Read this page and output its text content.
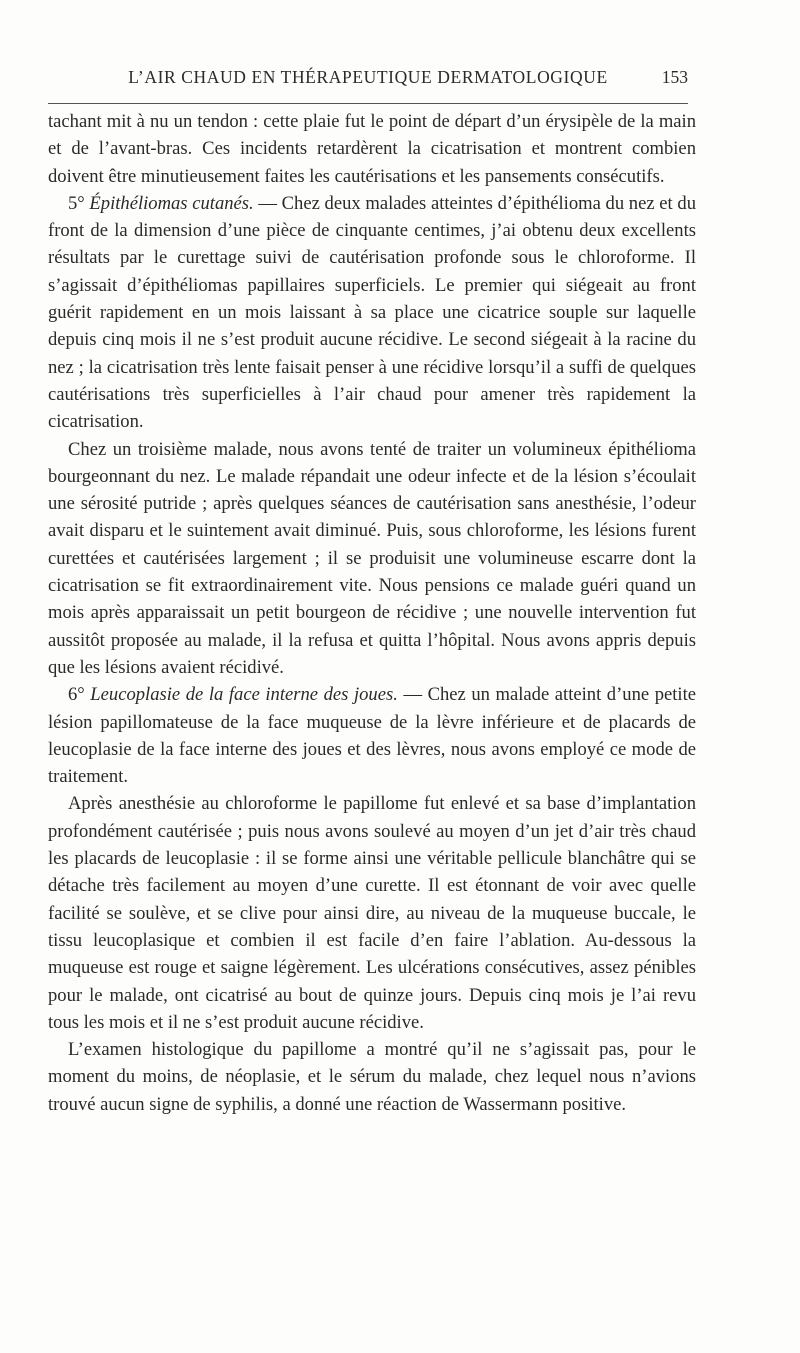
L’AIR CHAUD EN THÉRAPEUTIQUE DERMATOLOGIQUE	153

tachant mit à nu un tendon : cette plaie fut le point de départ d’un érysipèle de la main et de l’avant-bras. Ces incidents retardèrent la cicatrisation et montrent combien doivent être minutieusement faites les cautérisations et les pansements consécutifs.

5° Épithéliomas cutanés. — Chez deux malades atteintes d’épithélioma du nez et du front de la dimension d’une pièce de cinquante centimes, j’ai obtenu deux excellents résultats par le curettage suivi de cautérisation profonde sous le chloroforme. Il s’agissait d’épithéliomas papillaires superficiels. Le premier qui siégeait au front guérit rapidement en un mois laissant à sa place une cicatrice souple sur laquelle depuis cinq mois il ne s’est produit aucune récidive. Le second siégeait à la racine du nez ; la cicatrisation très lente faisait penser à une récidive lorsqu’il a suffi de quelques cautérisations très superficielles à l’air chaud pour amener très rapidement la cicatrisation.

Chez un troisième malade, nous avons tenté de traiter un volumineux épithélioma bourgeonnant du nez. Le malade répandait une odeur infecte et de la lésion s’écoulait une sérosité putride ; après quelques séances de cautérisation sans anesthésie, l’odeur avait disparu et le suintement avait diminué. Puis, sous chloroforme, les lésions furent curettées et cautérisées largement ; il se produisit une volumineuse escarre dont la cicatrisation se fit extraordinairement vite. Nous pensions ce malade guéri quand un mois après apparaissait un petit bourgeon de récidive ; une nouvelle intervention fut aussitôt proposée au malade, il la refusa et quitta l’hôpital. Nous avons appris depuis que les lésions avaient récidivé.

6° Leucoplasie de la face interne des joues. — Chez un malade atteint d’une petite lésion papillomateuse de la face muqueuse de la lèvre inférieure et de placards de leucoplasie de la face interne des joues et des lèvres, nous avons employé ce mode de traitement.

Après anesthésie au chloroforme le papillome fut enlevé et sa base d’implantation profondément cautérisée ; puis nous avons soulevé au moyen d’un jet d’air très chaud les placards de leucoplasie : il se forme ainsi une véritable pellicule blanchâtre qui se détache très facilement au moyen d’une curette. Il est étonnant de voir avec quelle facilité se soulève, et se clive pour ainsi dire, au niveau de la muqueuse buccale, le tissu leucoplasique et combien il est facile d’en faire l’ablation. Au-dessous la muqueuse est rouge et saigne légèrement. Les ulcérations consécutives, assez pénibles pour le malade, ont cicatrisé au bout de quinze jours. Depuis cinq mois je l’ai revu tous les mois et il ne s’est produit aucune récidive.

L’examen histologique du papillome a montré qu’il ne s’agissait pas, pour le moment du moins, de néoplasie, et le sérum du malade, chez lequel nous n’avions trouvé aucun signe de syphilis, a donné une réaction de Wassermann positive.
